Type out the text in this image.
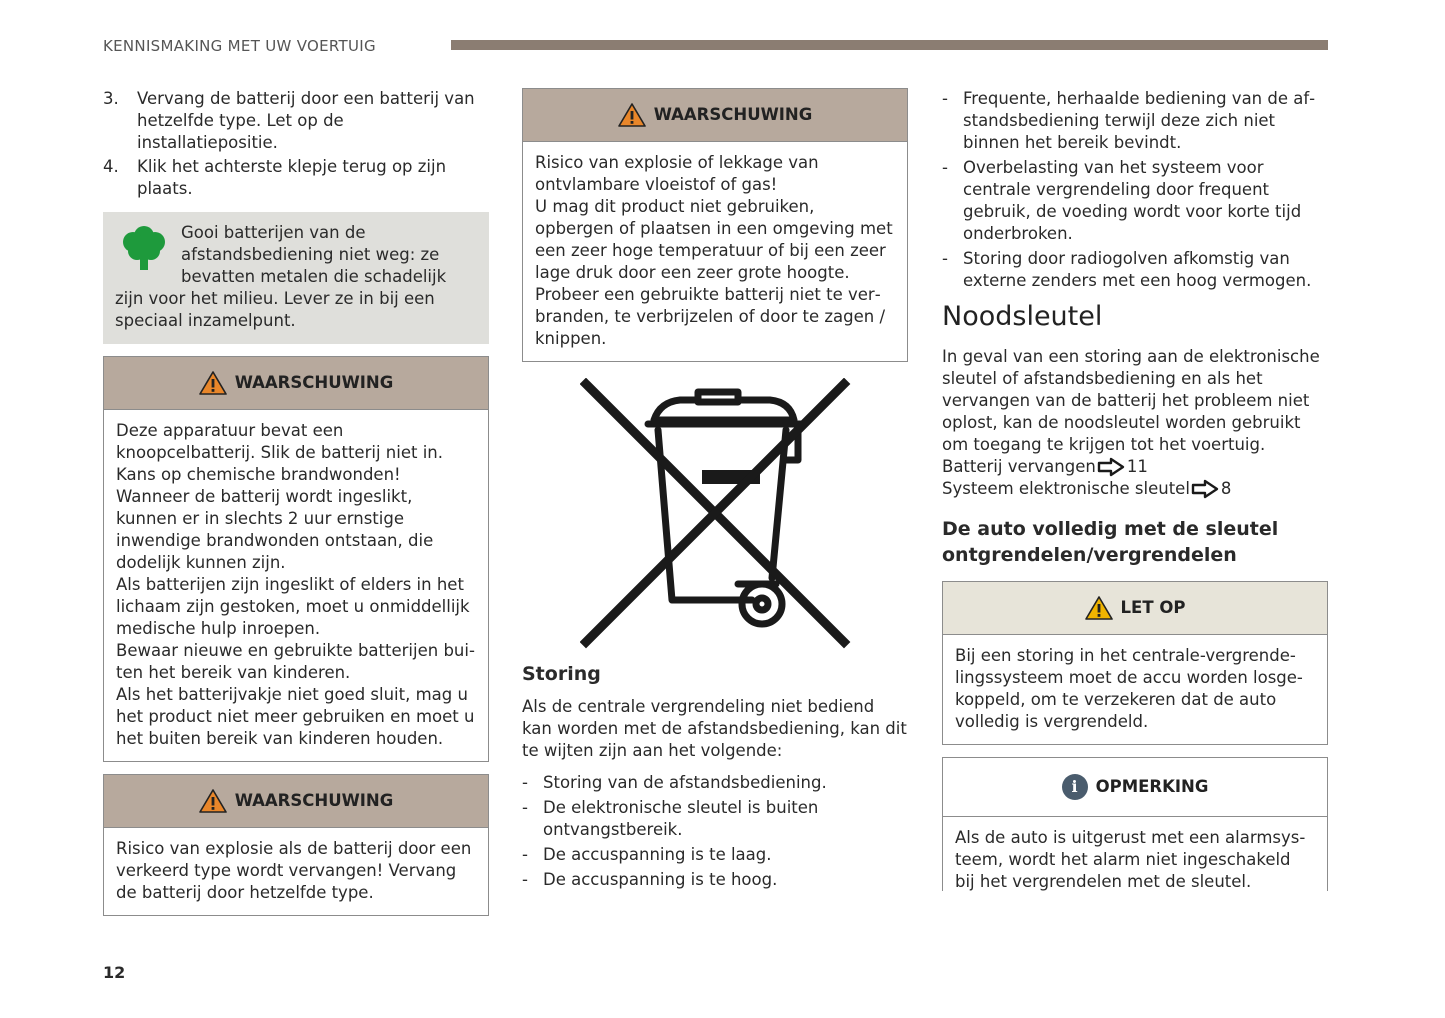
KENNISMAKING MET UW VOERTUIG
3. Vervang de batterij door een batterij van hetzelfde type. Let op de installatiepositie.
4. Klik het achterste klepje terug op zijn plaats.
Gooi batterijen van de afstandsbediening niet weg: ze bevatten metalen die schadelijk zijn voor het milieu. Lever ze in bij een speciaal inzamelpunt.
WAARSCHUWING
Deze apparatuur bevat een knoopcelbatterij. Slik de batterij niet in. Kans op chemische brandwonden! Wanneer de batterij wordt ingeslikt, kunnen er in slechts 2 uur ernstige inwendige brandwonden ontstaan, die dodelijk kunnen zijn.
Als batterijen zijn ingeslikt of elders in het lichaam zijn gestoken, moet u onmiddellijk medische hulp inroepen.
Bewaar nieuwe en gebruikte batterijen buiten het bereik van kinderen.
Als het batterijvakje niet goed sluit, mag u het product niet meer gebruiken en moet u het buiten bereik van kinderen houden.
WAARSCHUWING
Risico van explosie als de batterij door een verkeerd type wordt vervangen! Vervang de batterij door hetzelfde type.
WAARSCHUWING
Risico van explosie of lekkage van ontvlambare vloeistof of gas!
U mag dit product niet gebruiken, opbergen of plaatsen in een omgeving met een zeer hoge temperatuur of bij een zeer lage druk door een zeer grote hoogte.
Probeer een gebruikte batterij niet te verbranden, te verbrijzelen of door te zagen / knippen.
Storing

Als de centrale vergrendeling niet bediend kan worden met de afstandsbediening, kan dit te wijten zijn aan het volgende:

- Storing van de afstandsbediening.
- De elektronische sleutel is buiten ontvangstbereik.
- De accuspanning is te laag.
- De accuspanning is te hoog.
- Frequente, herhaalde bediening van de afstandsbediening terwijl deze zich niet binnen het bereik bevindt.
- Overbelasting van het systeem voor centrale vergrendeling door frequent gebruik, de voeding wordt voor korte tijd onderbroken.
- Storing door radiogolven afkomstig van externe zenders met een hoog vermogen.
Noodsleutel

In geval van een storing aan de elektronische sleutel of afstandsbediening en als het vervangen van de batterij het probleem niet oplost, kan de noodsleutel worden gebruikt om toegang te krijgen tot het voertuig.

Batterij vervangen 11
Systeem elektronische sleutel 8
De auto volledig met de sleutel ontgrendelen/vergrendelen
LET OP
Bij een storing in het centrale-vergrendelingssysteem moet de accu worden losgekoppeld, om te verzekeren dat de auto volledig is vergrendeld.
i	OPMERKING
Als de auto is uitgerust met een alarmsysteem, wordt het alarm niet ingeschakeld bij het vergrendelen met de sleutel.
12
